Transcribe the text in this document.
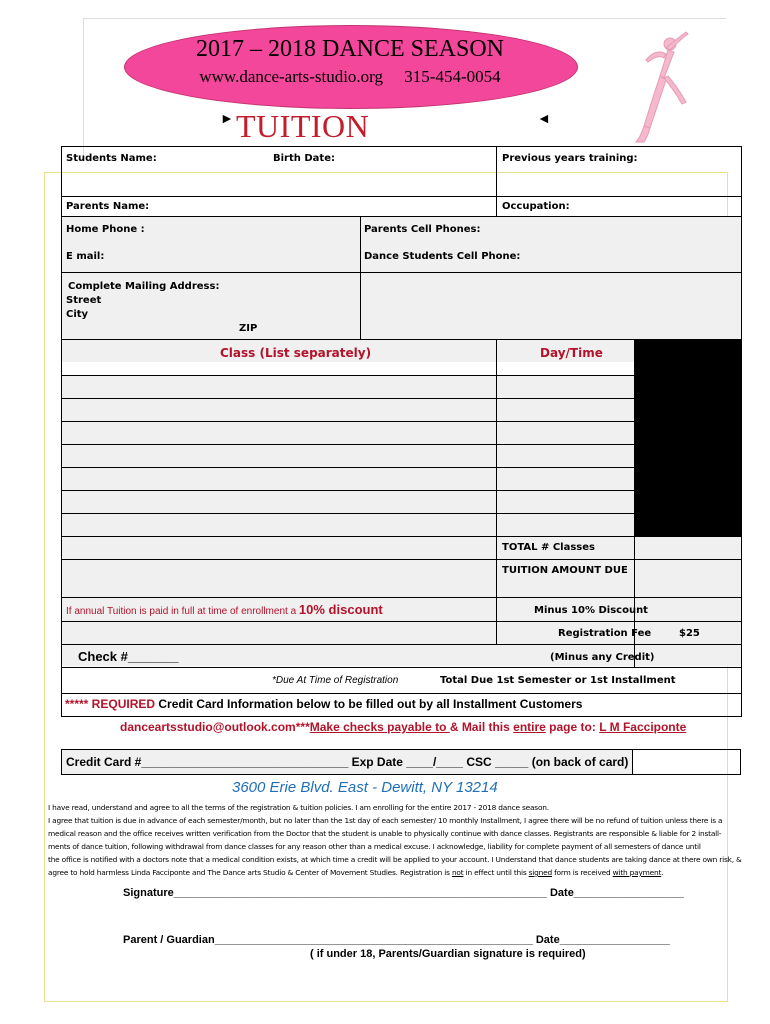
2017 – 2018 DANCE SEASON
www.dance-arts-studio.org 315-454-0054
► TUITION	◄
Students Name:	Birth Date:	Previous years training:
Parents Name:	Occupation:
Home Phone :	Parents Cell Phones:
E mail:	Dance Students Cell Phone:
Complete Mailing Address:
Street
City
ZIP
Class (List separately)	Day/Time
TOTAL # Classes
TUITION AMOUNT DUE
If annual Tuition is paid in full at time of enrollment a 10% discount	Minus 10% Discount
Registration Fee	$25
Check #_______	(Minus any Credit)
*Due At Time of Registration	Total Due 1st Semester or 1st Installment
***** REQUIRED Credit Card Information below to be filled out by all Installment Customers
danceartsstudio@outlook.com***Make checks payable to & Mail this entire page to: L M Facciponte
Credit Card #_______________________________ Exp Date ____/____ CSC _____ (on back of card)
3600 Erie Blvd. East - Dewitt, NY 13214
I have read, understand and agree to all the terms of the registration & tuition policies. I am enrolling for the entire 2017 - 2018 dance season.
I agree that tuition is due in advance of each semester/month, but no later than the 1st day of each semester/ 10 monthly Installment, I agree there will be no refund of tuition unless there is a
medical reason and the office receives written verification from the Doctor that the student is unable to physically continue with dance classes. Registrants are responsible & liable for 2 install-
ments of dance tuition, following withdrawal from dance classes for any reason other than a medical excuse. I acknowledge, liability for complete payment of all semesters of dance until
the office is notified with a doctors note that a medical condition exists, at which time a credit will be applied to your account. I Understand that dance students are taking dance at there own risk, &
agree to hold harmless Linda Facciponte and The Dance arts Studio & Center of Movement Studies. Registration is not in effect until this signed form is received with payment.
Signature_____________________________________________________________ Date__________________
Parent / Guardian____________________________________________________ Date__________________
( if under 18, Parents/Guardian signature is required)
